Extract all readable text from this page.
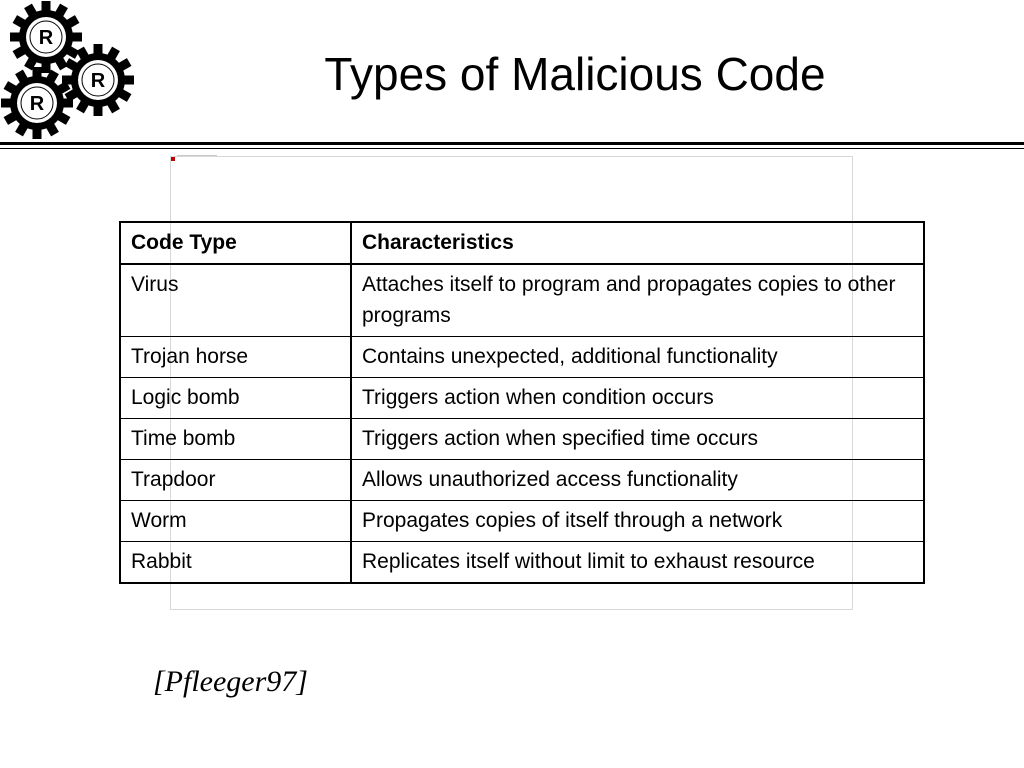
R
R
R
Types of Malicious Code
Code Type	Characteristics
Virus	Attaches itself to program and propagates copies to other programs
Trojan horse	Contains unexpected, additional functionality
Logic bomb	Triggers action when condition occurs
Time bomb	Triggers action when specified time occurs
Trapdoor	Allows unauthorized access functionality
Worm	Propagates copies of itself through a network
Rabbit	Replicates itself without limit to exhaust resource
[Pfleeger97]
